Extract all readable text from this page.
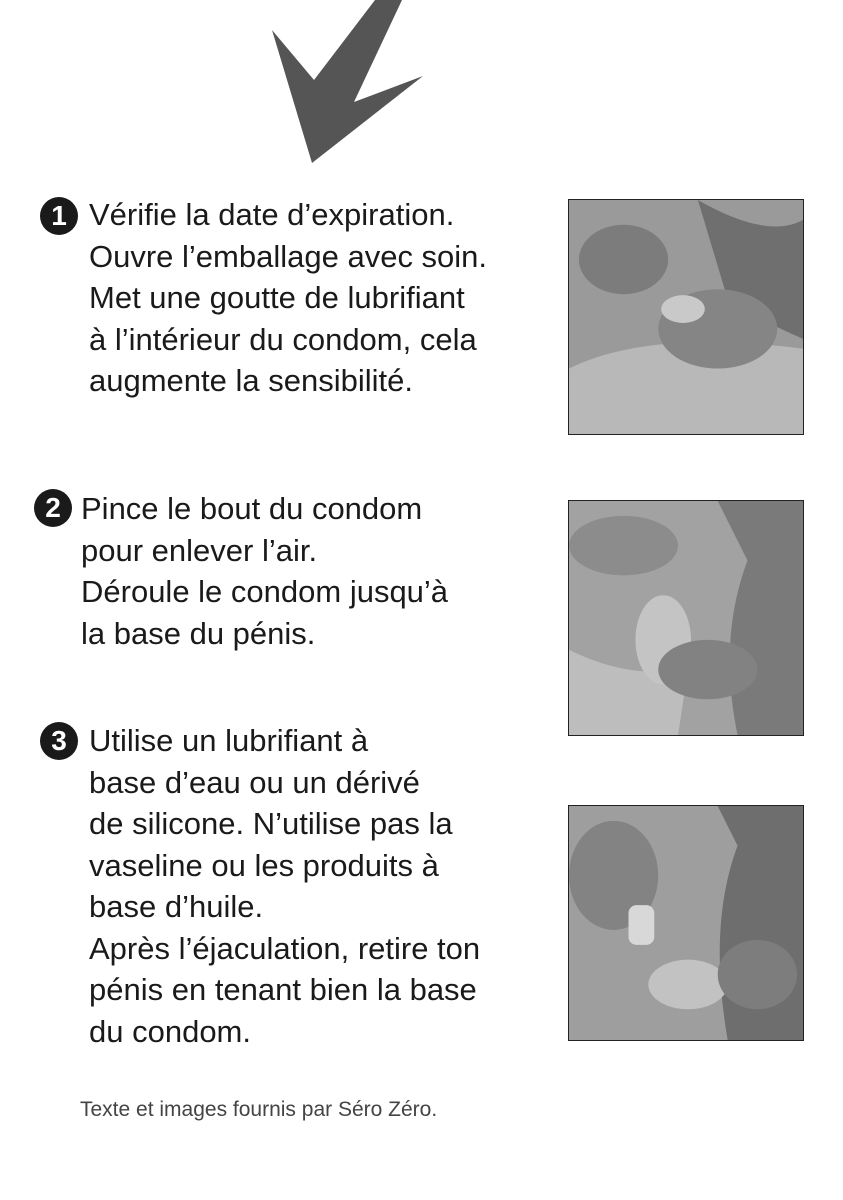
1 Vérifie la date d’expiration.
Ouvre l’emballage avec soin.
Met une goutte de lubrifiant
à l’intérieur du condom, cela
augmente la sensibilité.
2 Pince le bout du condom
pour enlever l’air.
Déroule le condom jusqu’à
la base du pénis.
3 Utilise un lubrifiant à
base d’eau ou un dérivé
de silicone. N’utilise pas la
vaseline ou les produits à
base d’huile.
Après l’éjaculation, retire ton
pénis en tenant bien la base
du condom.
Texte et images fournis par Séro Zéro.
